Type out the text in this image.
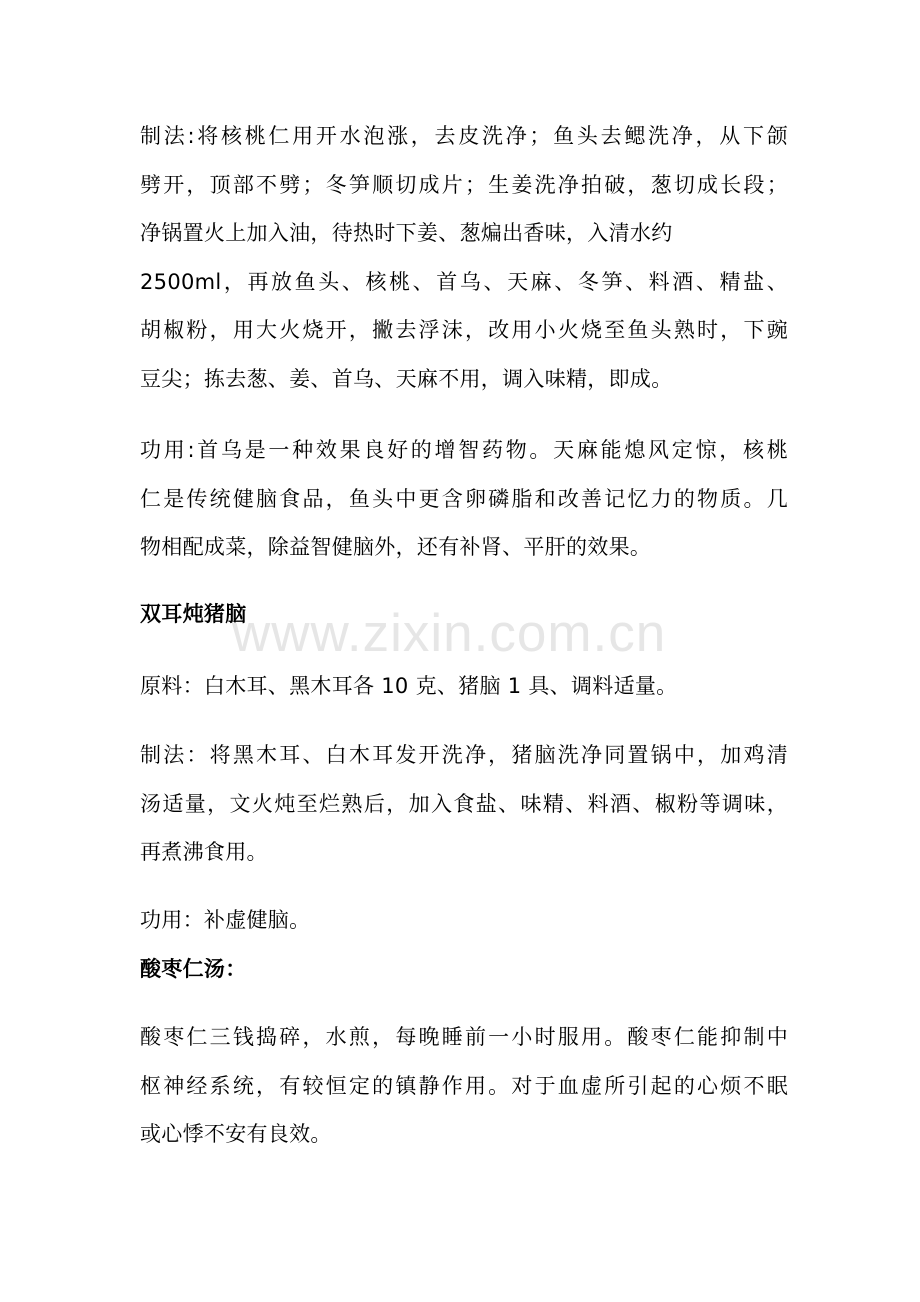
www.zixin.com.cn
制法:将核桃仁用开水泡涨，去皮洗净；鱼头去鳃洗净，从下颌
劈开，顶部不劈；冬笋顺切成片；生姜洗净拍破，葱切成长段；
净锅置火上加入油，待热时下姜、葱煸出香味，入清水约
2500ml，再放鱼头、核桃、首乌、天麻、冬笋、料酒、精盐、
胡椒粉，用大火烧开，撇去浮沫，改用小火烧至鱼头熟时，下豌
豆尖；拣去葱、姜、首乌、天麻不用，调入味精，即成。
功用:首乌是一种效果良好的增智药物。天麻能熄风定惊，核桃
仁是传统健脑食品，鱼头中更含卵磷脂和改善记忆力的物质。几
物相配成菜，除益智健脑外，还有补肾、平肝的效果。
双耳炖猪脑
原料：白木耳、黑木耳各 10 克、猪脑 1 具、调料适量。
制法：将黑木耳、白木耳发开洗净，猪脑洗净同置锅中，加鸡清
汤适量，文火炖至烂熟后，加入食盐、味精、料酒、椒粉等调味，
再煮沸食用。
功用：补虚健脑。
酸枣仁汤：
酸枣仁三钱捣碎，水煎，每晚睡前一小时服用。酸枣仁能抑制中
枢神经系统，有较恒定的镇静作用。对于血虚所引起的心烦不眠
或心悸不安有良效。
